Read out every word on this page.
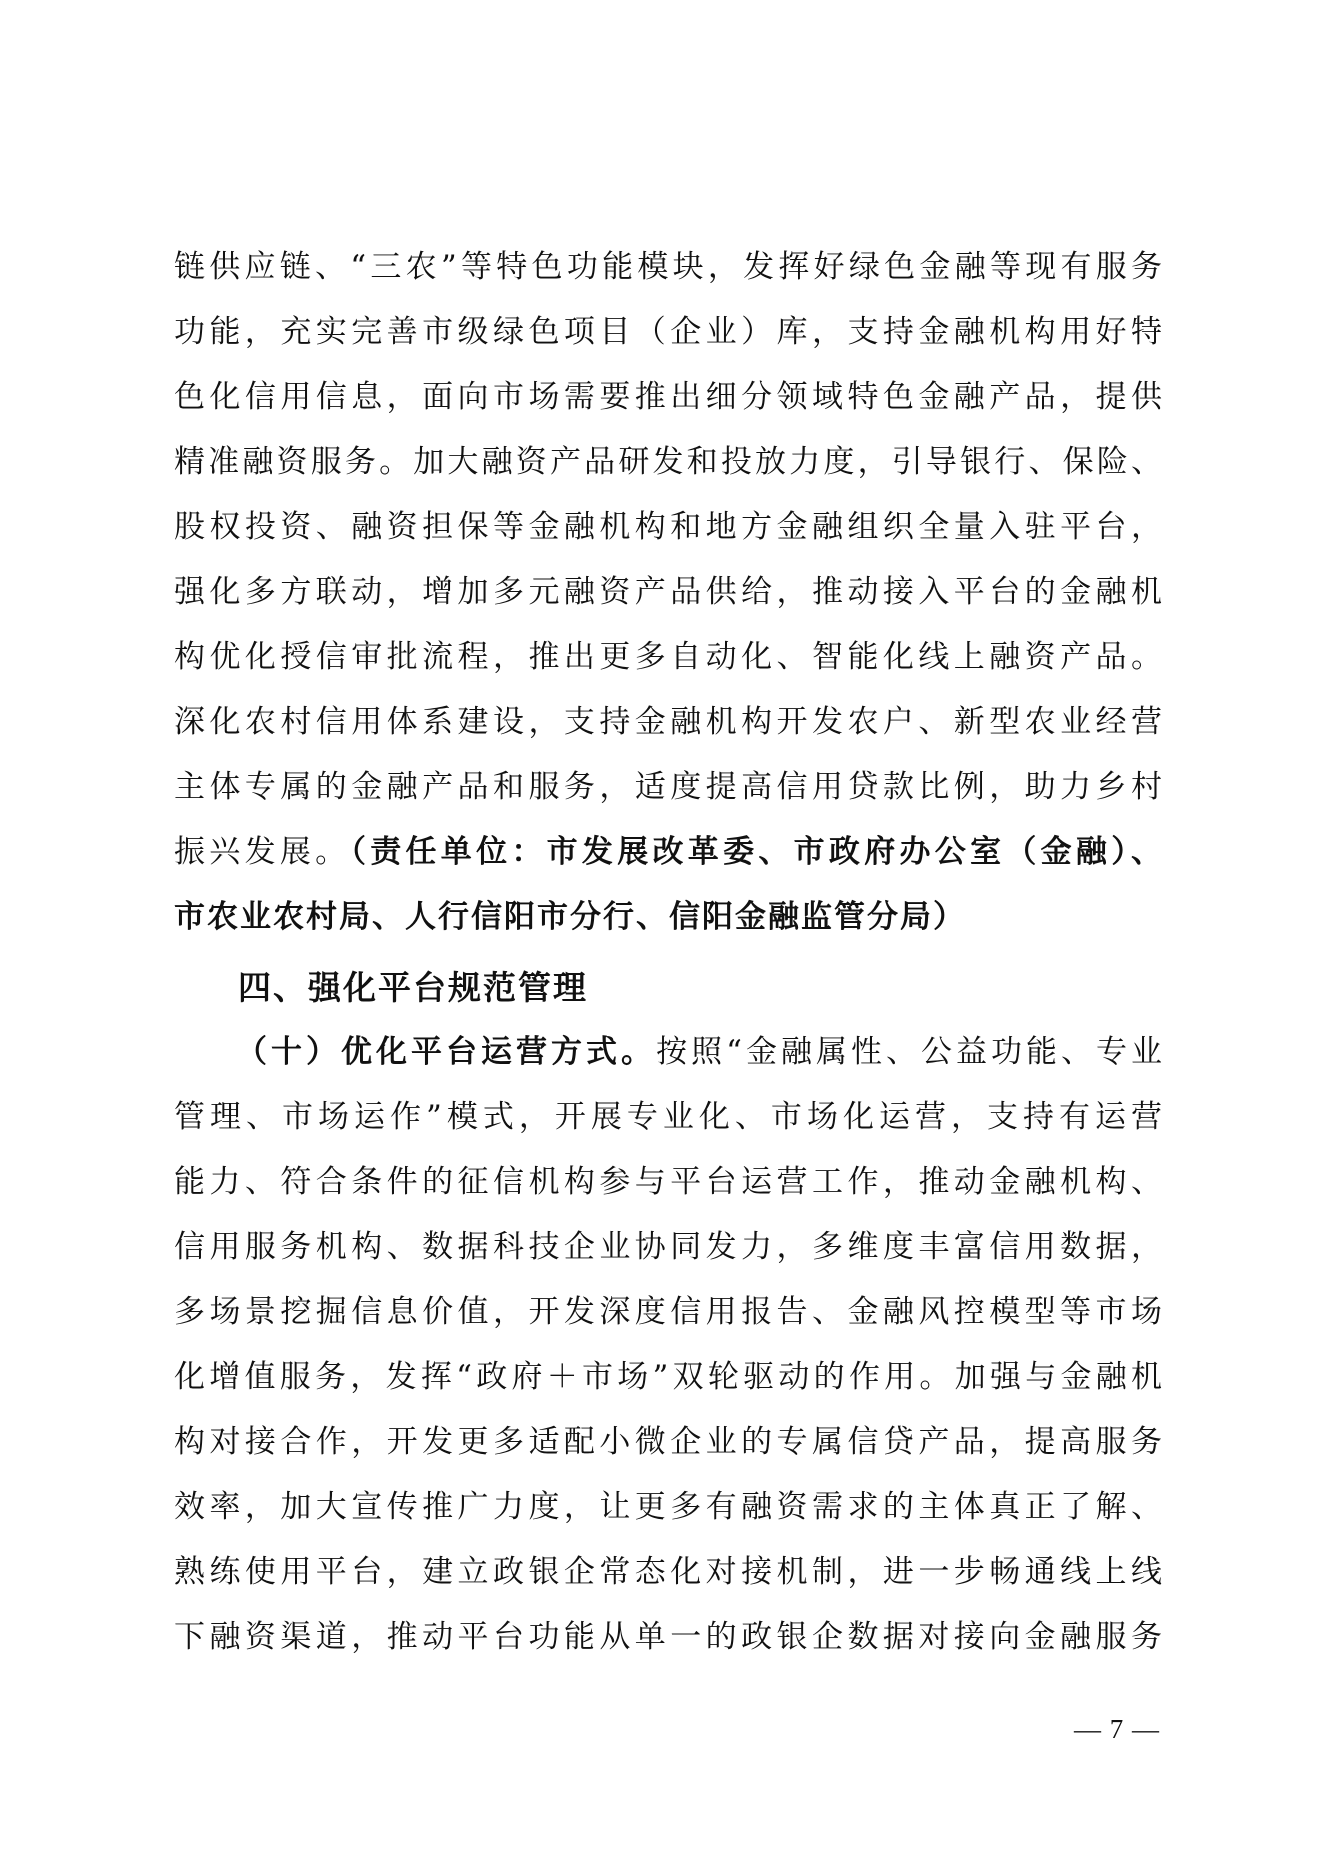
链供应链、“三农”等特色功能模块，发挥好绿色金融等现有服务
功能，充实完善市级绿色项目（企业）库，支持金融机构用好特
色化信用信息，面向市场需要推出细分领域特色金融产品，提供
精准融资服务。加大融资产品研发和投放力度，引导银行、保险、
股权投资、融资担保等金融机构和地方金融组织全量入驻平台，
强化多方联动，增加多元融资产品供给，推动接入平台的金融机
构优化授信审批流程，推出更多自动化、智能化线上融资产品。
深化农村信用体系建设，支持金融机构开发农户、新型农业经营
主体专属的金融产品和服务，适度提高信用贷款比例，助力乡村
振兴发展。（责任单位：市发展改革委、市政府办公室（金融）、
市农业农村局、人行信阳市分行、信阳金融监管分局）
四、强化平台规范管理
（十）优化平台运营方式。按照“金融属性、公益功能、专业
管理、市场运作”模式，开展专业化、市场化运营，支持有运营
能力、符合条件的征信机构参与平台运营工作，推动金融机构、
信用服务机构、数据科技企业协同发力，多维度丰富信用数据，
多场景挖掘信息价值，开发深度信用报告、金融风控模型等市场
化增值服务，发挥“政府＋市场”双轮驱动的作用。加强与金融机
构对接合作，开发更多适配小微企业的专属信贷产品，提高服务
效率，加大宣传推广力度，让更多有融资需求的主体真正了解、
熟练使用平台，建立政银企常态化对接机制，进一步畅通线上线
下融资渠道，推动平台功能从单一的政银企数据对接向金融服务
— 7 —
